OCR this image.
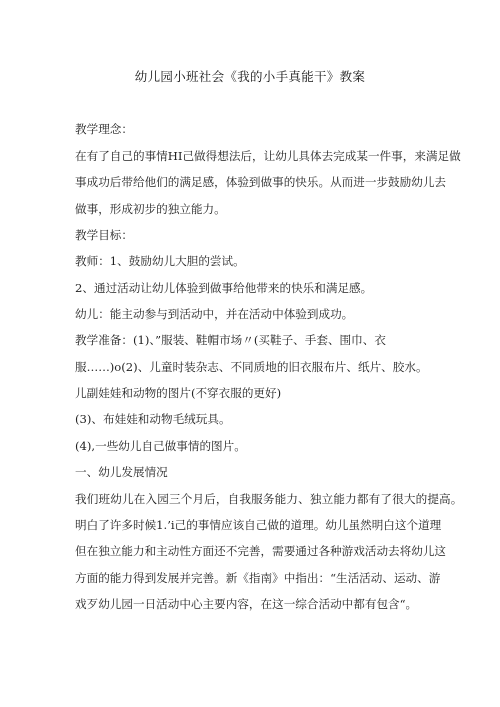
幼儿园小班社会《我的小手真能干》教案
教学理念：
在有了自己的事情HI己做得想法后，让幼儿具体去完成某一件事，来满足做
事成功后带给他们的满足感，体验到做事的快乐。从而进一步鼓励幼儿去
做事，形成初步的独立能力。
教学目标：
教师：1、鼓励幼儿大胆的尝试。
2、通过活动让幼儿体验到做事给他带来的快乐和满足感。
幼儿：能主动参与到活动中，并在活动中体验到成功。
教学准备：(1)、”服装、鞋帽市场〃(买鞋子、手套、围巾、衣
服……)o(2)、儿童时装杂志、不同质地的旧衣服布片、纸片、胶水。
儿副娃娃和动物的图片(不穿衣服的更好)
(3)、布娃娃和动物毛绒玩具。
(4),一些幼儿自己做事情的图片。
一、幼儿发展情况
我们班幼儿在入园三个月后，自我服务能力、独立能力都有了很大的提高。
明白了许多时候1.’i己的事情应该自己做的道理。幼儿虽然明白这个道理
但在独立能力和主动性方面还不完善，需要通过各种游戏活动去将幼儿这
方面的能力得到发展并完善。新《指南》中指出：“生活活动、运动、游
戏歹幼儿园一日活动中心主要内容，在这一综合活动中都有包含“。
